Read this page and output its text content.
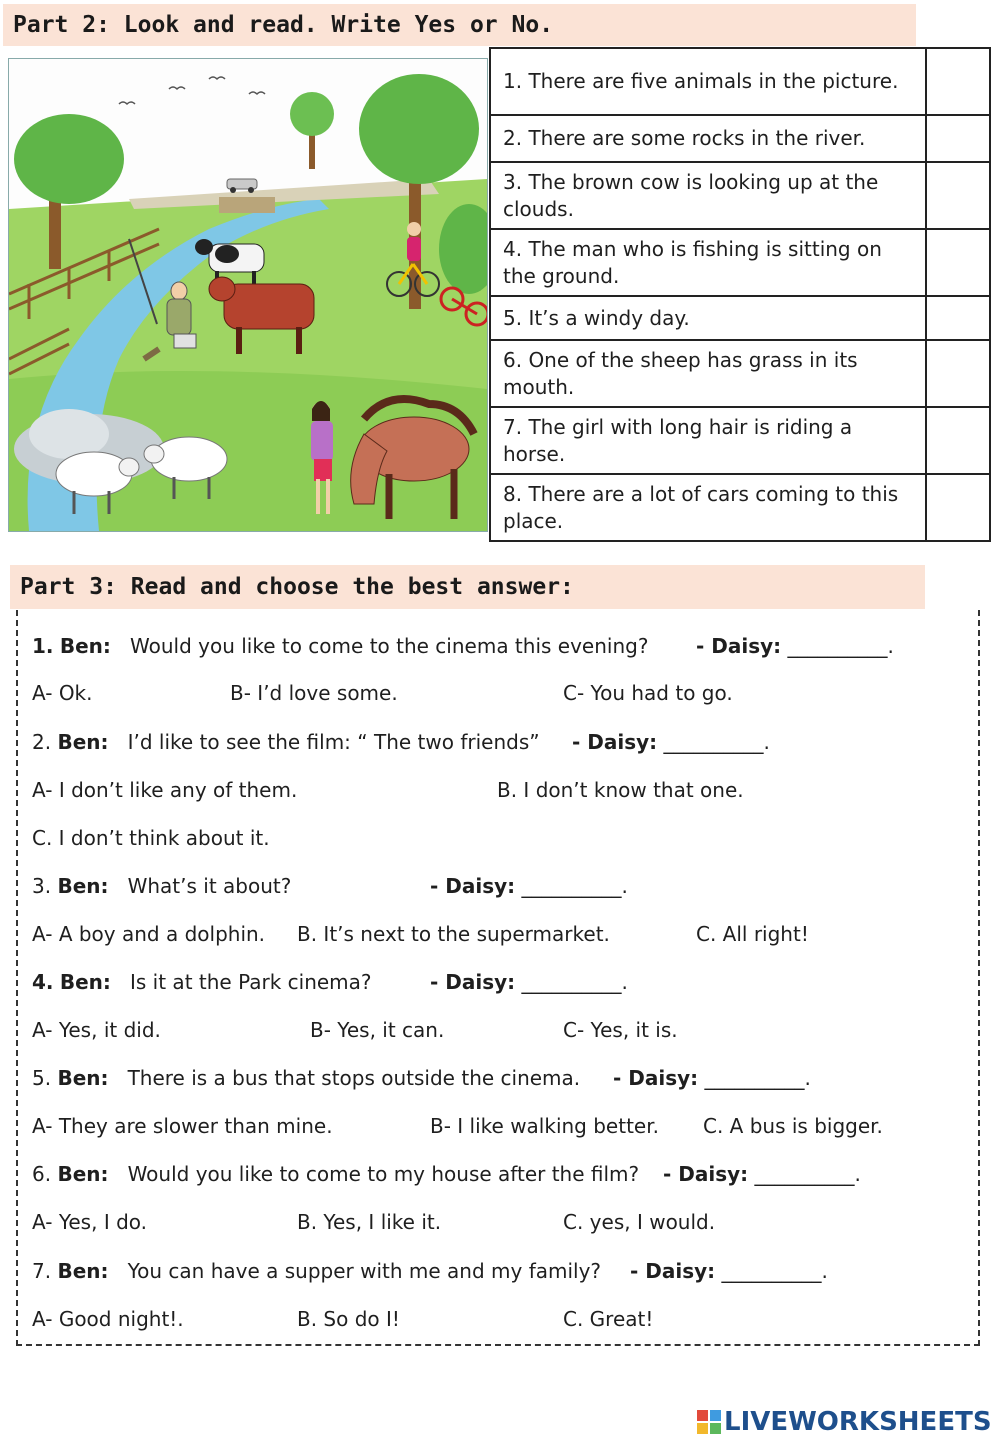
Part 2: Look and read. Write Yes or No.
1. There are five animals in the picture.	
2. There are some rocks in the river.	
3. The brown cow is looking up at the clouds.	
4. The man who is fishing is sitting on the ground.	
5. It’s a windy day.	
6. One of the sheep has grass in its mouth.	
7. The girl with long hair is riding a horse.	
8. There are a lot of cars coming to this place.	
Part 3: Read and choose the best answer:
1. Ben: Would you like to come to the cinema this evening? - Daisy: __________.
A- Ok.	B- I’d love some.	C- You had to go.
2. Ben: I’d like to see the film: “ The two friends” - Daisy: __________.
A- I don’t like any of them.	B. I don’t know that one.
C. I don’t think about it.
3. Ben: What’s it about?	- Daisy: __________.
A- A boy and a dolphin. B. It’s next to the supermarket.	C. All right!
4. Ben: Is it at the Park cinema?	- Daisy: __________.
A- Yes, it did.	B- Yes, it can.	C- Yes, it is.
5. Ben: There is a bus that stops outside the cinema. - Daisy: __________.
A- They are slower than mine.	B- I like walking better. C. A bus is bigger.
6. Ben: Would you like to come to my house after the film? - Daisy: __________.
A- Yes, I do.	B. Yes, I like it.	C. yes, I would.
7. Ben: You can have a supper with me and my family? - Daisy: __________.
A- Good night!.	B. So do I!	C. Great!
LIVEWORKSHEETS
